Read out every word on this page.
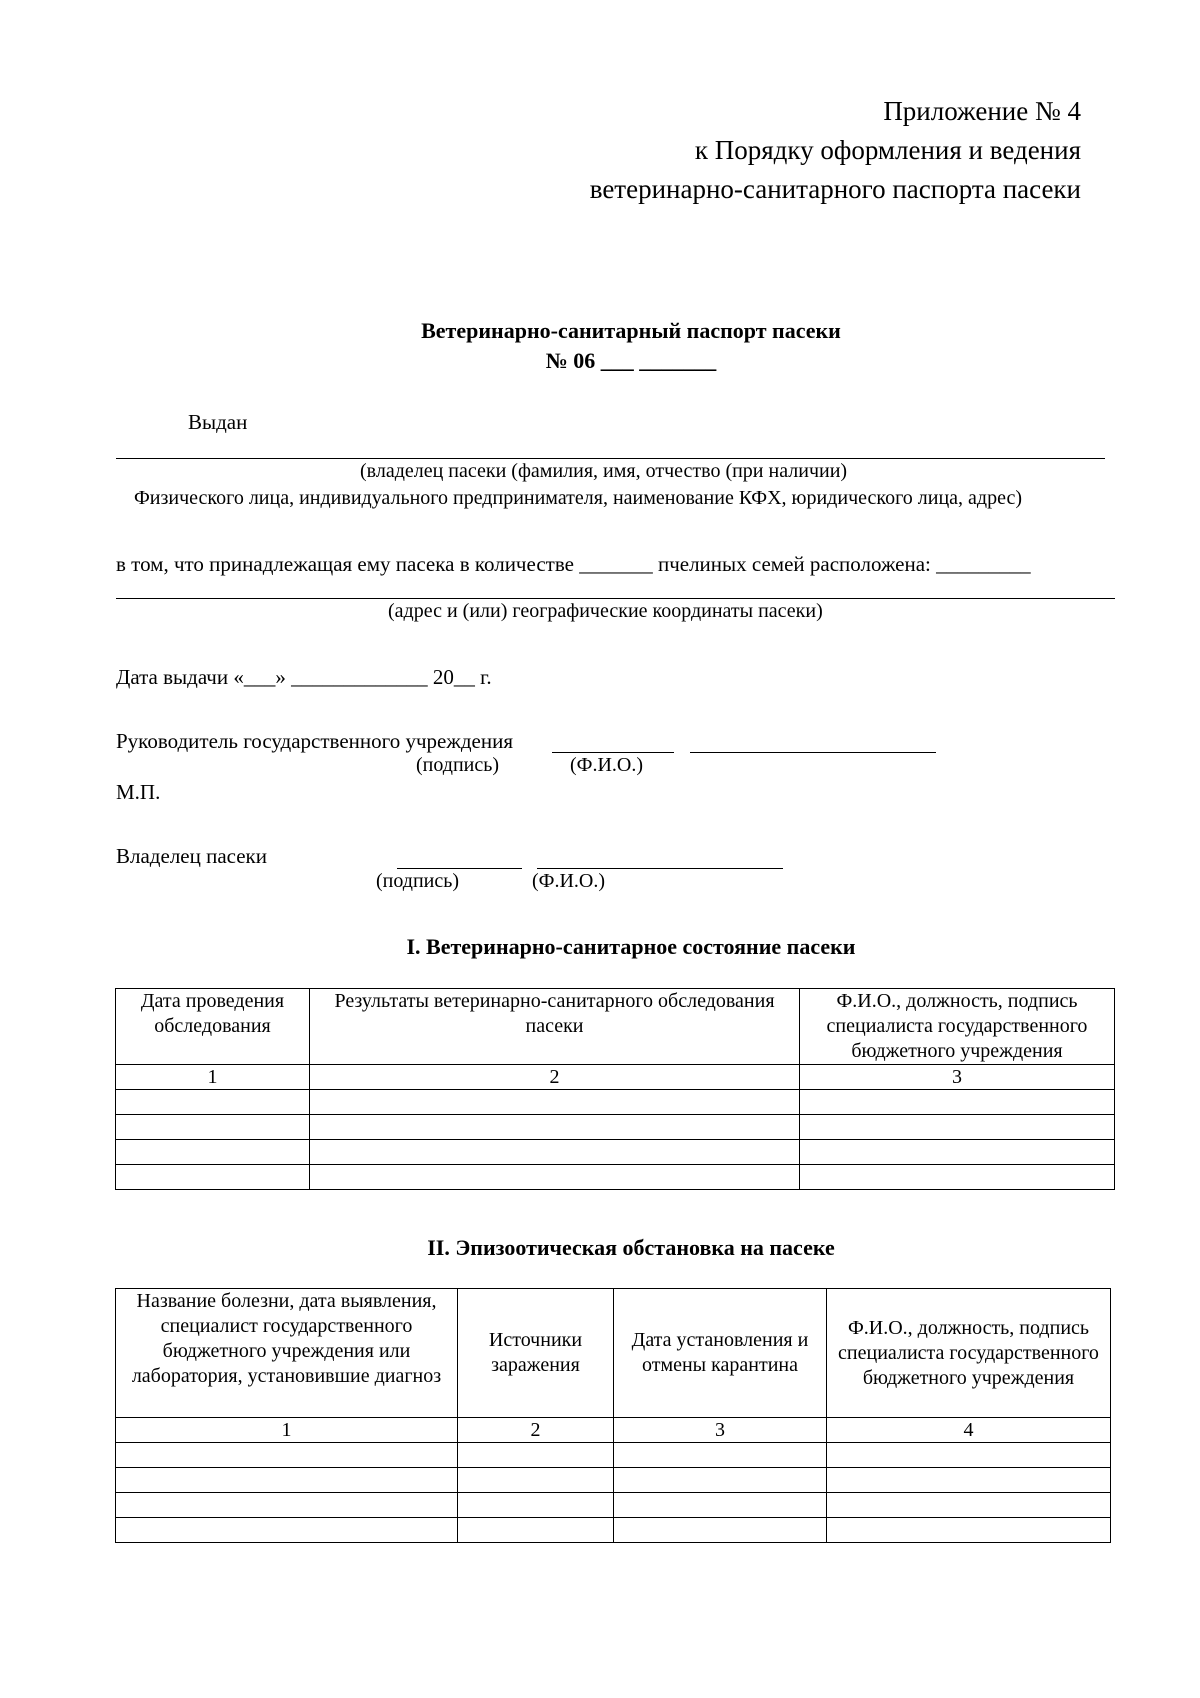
Приложение № 4
к Порядку оформления и ведения
ветеринарно-санитарного паспорта пасеки
Ветеринарно-санитарный паспорт пасеки
№ 06 ___ _______
Выдан
(владелец пасеки (фамилия, имя, отчество (при наличии)
Физического лица, индивидуального предпринимателя, наименование КФХ, юридического лица, адрес)
в том, что принадлежащая ему пасека в количестве _______ пчелиных семей расположена: _________
(адрес и (или) географические координаты пасеки)
Дата выдачи «___» _____________ 20__ г.
Руководитель государственного учреждения
(подпись)	(Ф.И.О.)
М.П.
Владелец пасеки
(подпись)	(Ф.И.О.)
I. Ветеринарно-санитарное состояние пасеки
Дата проведения обследования	Результаты ветеринарно-санитарного обследования пасеки	Ф.И.О., должность, подпись специалиста государственного бюджетного учреждения
1	2	3

II. Эпизоотическая обстановка на пасеке
Название болезни, дата выявления, специалист государственного бюджетного учреждения или лаборатория, установившие диагноз	Источники заражения	Дата установления и отмены карантина	Ф.И.О., должность, подпись специалиста государственного бюджетного учреждения
1	2	3	4
